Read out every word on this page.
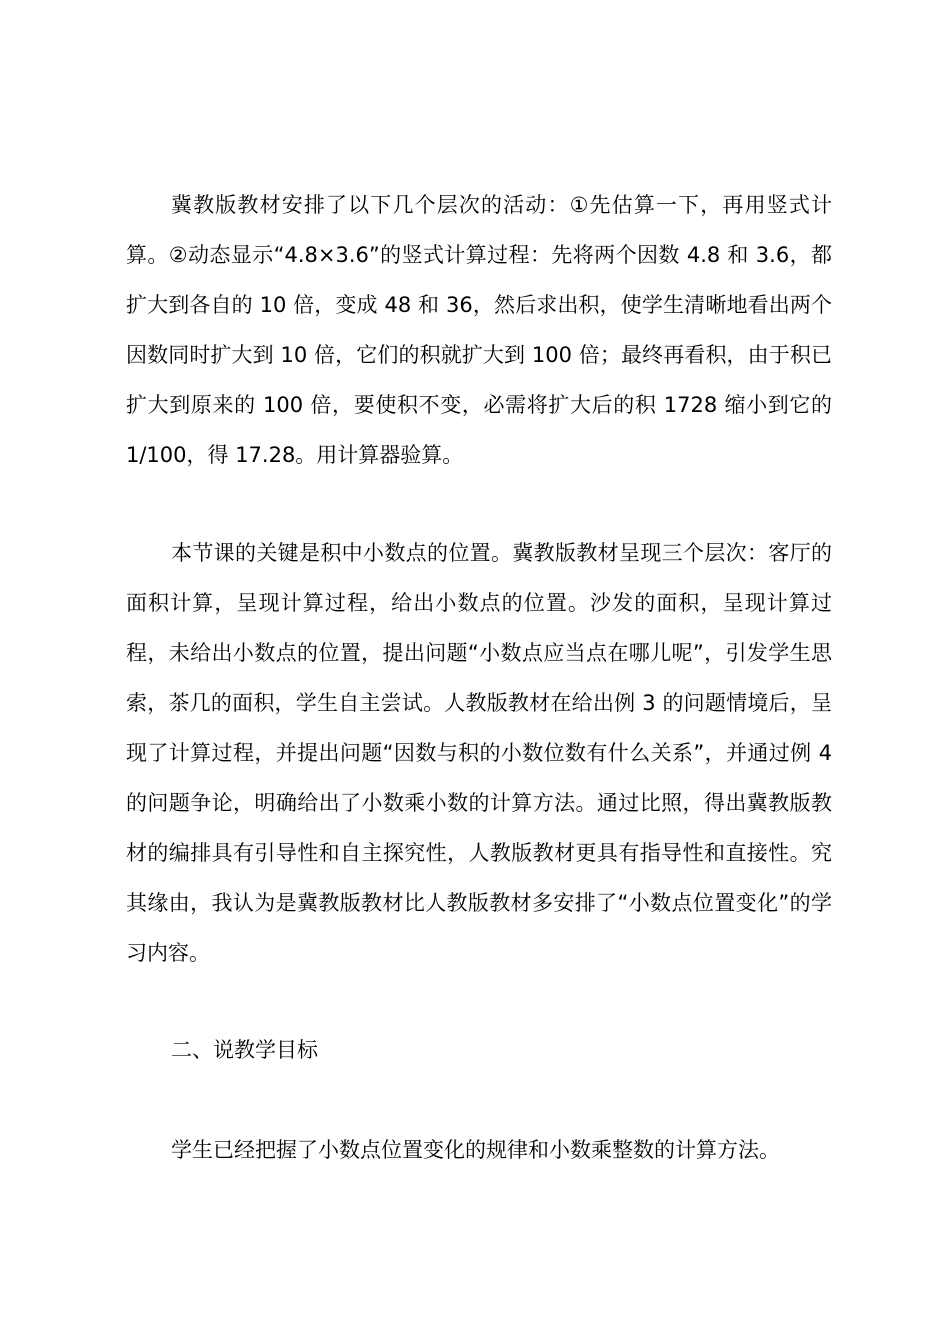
冀教版教材安排了以下几个层次的活动：①先估算一下，再用竖式计算。②动态显示“4.8×3.6”的竖式计算过程：先将两个因数 4.8 和 3.6，都扩大到各自的 10 倍，变成 48 和 36，然后求出积，使学生清晰地看出两个因数同时扩大到 10 倍，它们的积就扩大到 100 倍；最终再看积，由于积已扩大到原来的 100 倍，要使积不变，必需将扩大后的积 1728 缩小到它的 1/100，得 17.28。用计算器验算。

本节课的关键是积中小数点的位置。冀教版教材呈现三个层次：客厅的面积计算，呈现计算过程，给出小数点的位置。沙发的面积，呈现计算过程，未给出小数点的位置，提出问题“小数点应当点在哪儿呢”，引发学生思索，茶几的面积，学生自主尝试。人教版教材在给出例 3 的问题情境后，呈现了计算过程，并提出问题“因数与积的小数位数有什么关系”，并通过例 4 的问题争论，明确给出了小数乘小数的计算方法。通过比照，得出冀教版教材的编排具有引导性和自主探究性，人教版教材更具有指导性和直接性。究其缘由，我认为是冀教版教材比人教版教材多安排了“小数点位置变化”的学习内容。

二、说教学目标

学生已经把握了小数点位置变化的规律和小数乘整数的计算方法。
